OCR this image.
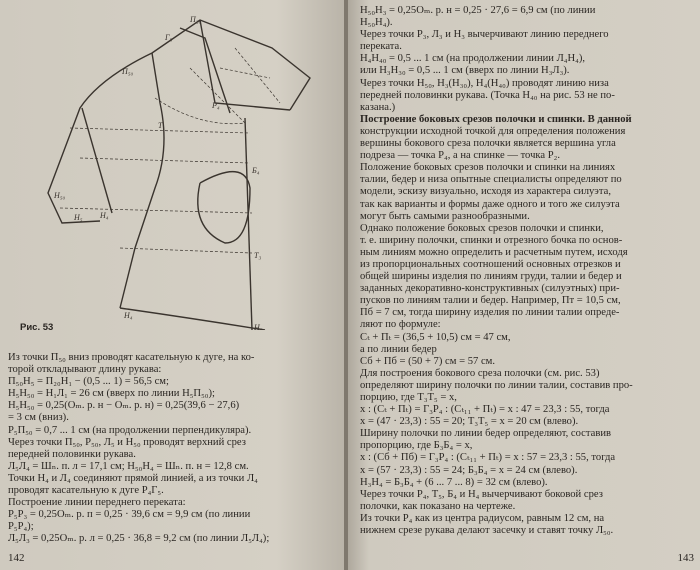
П₂₀
Г₅
П₅₀
Н₅₀
Н₅ Н₄
Т
Б₄
Т₃
Н₃
Н₄
Р₄
Рис. 53
Из точки П₅₀ вниз проводят касательную к дуге, на ко-
торой откладывают длину рукава:
П₅₀Н₅ = П₂₀Н₁ − (0,5 ... 1) = 56,5 см;
Н₅Н₅₀ = Н₁Л₁ = 26 см (вверх по линии Н₅П₅₀);
Н₅Н₅₀ = 0,25(Оₘ. р. н − Оₘ. р. н) = 0,25(39,6 − 27,6)
= 3 см (вниз).
Р₅П₅₀ = 0,7 ... 1 см (на продолжении перпендикуляра).
Через точки П₅₀, Р₅₀, Л₅ и Н₅₀ проводят верхний срез
передней половинки рукава.
Л₅Л₄ = Шₙ. п. л = 17,1 см; Н₅₀Н₄ = Шₙ. п. н = 12,8 см.
Точки Н₄ и Л₄ соединяют прямой линией, а из точки Л₄
проводят касательную к дуге Р₄Г₅.
Построение линии переднего переката:
Р₅Р₃ = 0,25Оₘ. р. п = 0,25 · 39,6 см = 9,9 см (по линии
Р₅Р₄);
Л₅Л₃ = 0,25Оₘ. р. л = 0,25 · 36,8 = 9,2 см (по линии Л₅Л₄);
142
Н₅₀Н₃ = 0,25Оₘ. р. н = 0,25 · 27,6 = 6,9 см (по линии
Н₅₀Н₄).
Через точки Р₃, Л₃ и Н₃ вычерчивают линию переднего
переката.
Н₄Н₄₀ = 0,5 ... 1 см (на продолжении линии Л₄Н₄),
или Н₃Н₃₀ = 0,5 ... 1 см (вверх по линии Н₃Л₃).
Через точки Н₅₀, Н₃(Н₃₀), Н₄(Н₄₀) проводят линию низа
передней половинки рукава. (Точка Н₄₀ на рис. 53 не по-
казана.)
Построение боковых срезов полочки и спинки. В данной
конструкции исходной точкой для определения положения
вершины бокового среза полочки является вершина угла
подреза — точка Р₄, а на спинке — точка Р₂.
Положение боковых срезов полочки и спинки на линиях
талии, бедер и низа опытные специалисты определяют по
модели, эскизу визуально, исходя из характера силуэта,
так как варианты и формы даже одного и того же силуэта
могут быть самыми разнообразными.
Однако положение боковых срезов полочки и спинки,
т. е. ширину полочки, спинки и отрезного бочка по основ-
ным линиям можно определить и расчетным путем, исходя
из пропорциональных соотношений основных отрезков и
общей ширины изделия по линиям груди, талии и бедер и
заданных декоративно-конструктивных (силуэтных) при-
пусков по линиям талии и бедер. Например, Пт = 10,5 см,
Пб = 7 см, тогда ширину изделия по линии талии опреде-
ляют по формуле:
Сₜ + Пₜ = (36,5 + 10,5) см = 47 см,
а по линии бедер
Сб + Пб = (50 + 7) см = 57 см.
Для построения бокового среза полочки (см. рис. 53)
определяют ширину полочки по линии талии, составив про-
порцию, где Т₃Т₅ = x,
x : (Сₜ + Пₜ) = Г₃Р₄ : (Сₜ₁₁ + Пₜ) = x : 47 = 23,3 : 55, тогда
x = (47 · 23,3) : 55 = 20; Т₃Т₅ = x = 20 см (влево).
Ширину полочки по линии бедер определяют, составив
пропорцию, где Б₃Б₄ = x,
x : (Сб + Пб) = Г₃Р₄ : (Сₜ₁₁ + Пₜ) = x : 57 = 23,3 : 55, тогда
x = (57 · 23,3) : 55 = 24; Б₃Б₄ = x = 24 см (влево).
Н₃Н₄ = Б₃Б₄ + (6 ... 7 ... 8) = 32 см (влево).
Через точки Р₄, Т₅, Б₄ и Н₄ вычерчивают боковой срез
полочки, как показано на чертеже.
Из точки Р₄ как из центра радиусом, равным 12 см, на
нижнем срезе рукава делают засечку и ставят точку Л₅₀.
143
